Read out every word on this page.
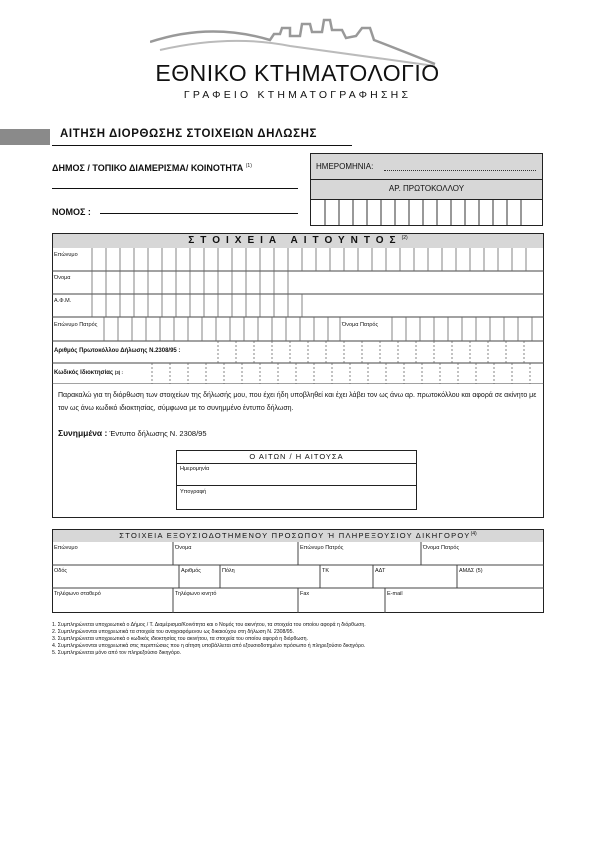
ΕΘΝΙΚΟ ΚΤΗΜΑΤΟΛΟΓΙΟ
ΓΡΑΦΕΙΟ ΚΤΗΜΑΤΟΓΡΑΦΗΣΗΣ
ΑΙΤΗΣΗ ΔΙΟΡΘΩΣΗΣ ΣΤΟΙΧΕΙΩΝ ΔΗΛΩΣΗΣ
ΔΗΜΟΣ / ΤΟΠΙΚΟ ΔΙΑΜΕΡΙΣΜΑ/ ΚΟΙΝΟΤΗΤΑ $^{(1)}$
ΝΟΜΟΣ :
ΗΜΕΡΟΜΗΝΙΑ:
ΑΡ. ΠΡΩΤΟΚΟΛΛΟΥ
ΣΤΟΙΧΕΙΑ ΑΙΤΟΥΝΤΟΣ$^{(2)}$
Επώνυμο
Όνομα
Α.Φ.Μ.
Επώνυμο Πατρός	Όνομα Πατρός
Αριθμός Πρωτοκόλλου Δήλωσης Ν.2308/95 :
Κωδικός Ιδιοκτησίας (3) :
Παρακαλώ για τη διόρθωση των στοιχείων της δήλωσής μου, που έχει ήδη υποβληθεί και έχει λάβει τον ως άνω αρ. πρωτοκόλλου και αφορά σε ακίνητο με τον ως άνω κωδικό ιδιοκτησίας, σύμφωνα με το συνημμένο έντυπο δήλωση.
Συνημμένα : Έντυπο δήλωσης Ν. 2308/95
Ο ΑΙΤΩΝ / Η ΑΙΤΟΥΣΑ
Ημερομηνία
Υπογραφή
ΣΤΟΙΧΕΙΑ ΕΞΟΥΣΙΟΔΟΤΗΜΕΝΟΥ ΠΡΟΣΩΠΟΥ Ή ΠΛΗΡΕΞΟΥΣΙΟΥ ΔΙΚΗΓΟΡΟΥ$^{(4)}$
Επώνυμο	Όνομα	Επώνυμο Πατρός	Όνομα Πατρός
Οδός	Αριθμός	Πόλη	ΤΚ	ΑΔΤ	ΑΜΔΣ (5)
Τηλέφωνο σταθερό	Τηλέφωνο κινητό	Fax	E-mail
1. Συμπληρώνεται υποχρεωτικά ο Δήμος / Τ. Διαμέρισμα/Κοινότητα και ο Νομός του ακινήτου, τα στοιχεία του οποίου αφορά η διόρθωση.
2. Συμπληρώνονται υποχρεωτικά τα στοιχεία του αναγραφόμενου ως δικαιούχου στη δήλωση Ν. 2308/95.
3. Συμπληρώνεται υποχρεωτικά ο κωδικός ιδιοκτησίας του ακινήτου, τα στοιχεία του οποίου αφορά η διόρθωση.
4. Συμπληρώνονται υποχρεωτικά στις περιπτώσεις που η αίτηση υποβάλλεται από εξουσιοδοτημένο πρόσωπο ή πληρεξούσιο δικηγόρο.
5. Συμπληρώνεται μόνο από τον πληρεξούσιο δικηγόρο.
